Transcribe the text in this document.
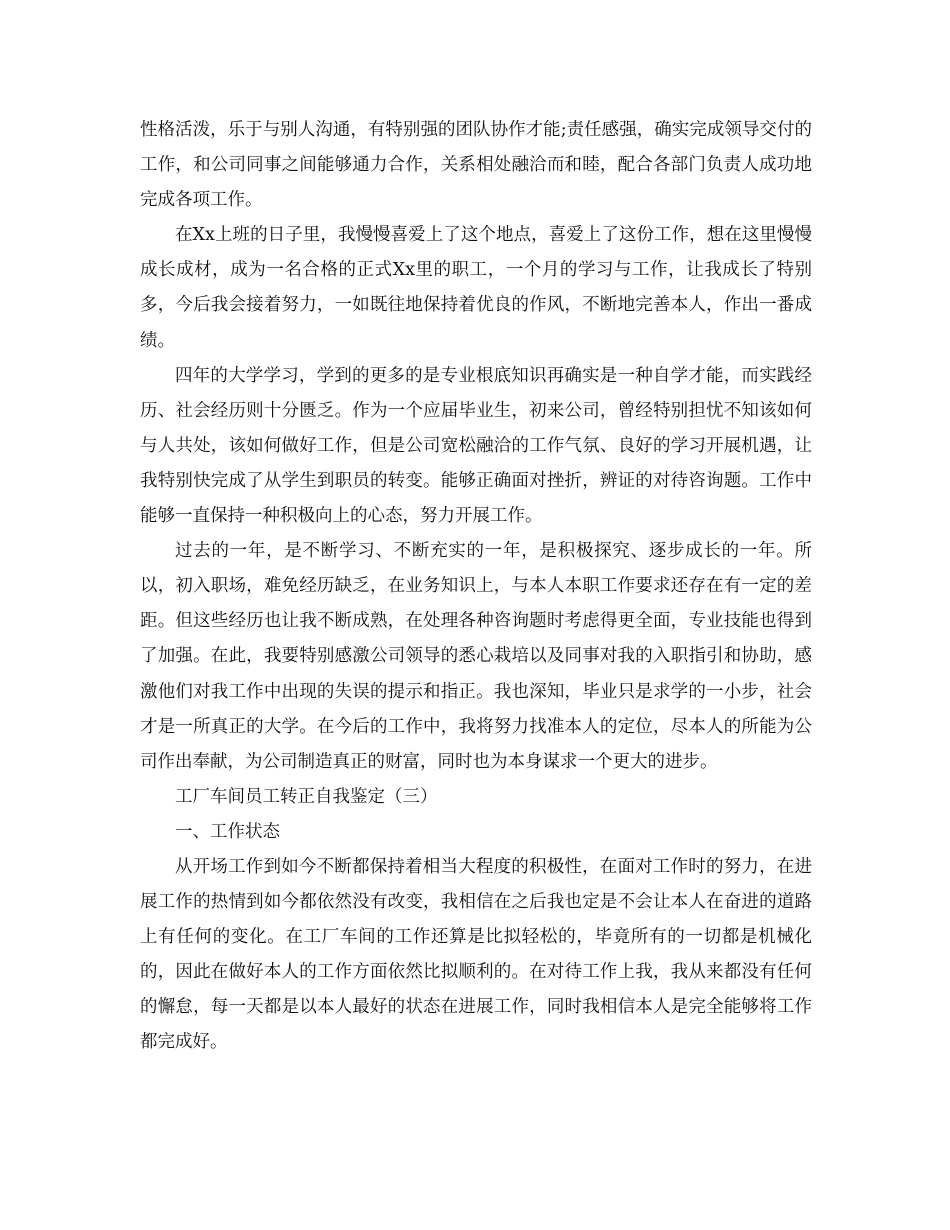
性格活泼，乐于与别人沟通，有特别强的团队协作才能;责任感强，确实完成领导交付的工作，和公司同事之间能够通力合作，关系相处融洽而和睦，配合各部门负责人成功地完成各项工作。

在Xx上班的日子里，我慢慢喜爱上了这个地点，喜爱上了这份工作，想在这里慢慢成长成材，成为一名合格的正式Xx里的职工，一个月的学习与工作，让我成长了特别多，今后我会接着努力，一如既往地保持着优良的作风，不断地完善本人，作出一番成绩。

四年的大学学习，学到的更多的是专业根底知识再确实是一种自学才能，而实践经历、社会经历则十分匮乏。作为一个应届毕业生，初来公司，曾经特别担忧不知该如何与人共处，该如何做好工作，但是公司宽松融洽的工作气氛、良好的学习开展机遇，让我特别快完成了从学生到职员的转变。能够正确面对挫折，辨证的对待咨询题。工作中能够一直保持一种积极向上的心态，努力开展工作。

过去的一年，是不断学习、不断充实的一年，是积极探究、逐步成长的一年。所以，初入职场，难免经历缺乏，在业务知识上，与本人本职工作要求还存在有一定的差距。但这些经历也让我不断成熟，在处理各种咨询题时考虑得更全面，专业技能也得到了加强。在此，我要特别感激公司领导的悉心栽培以及同事对我的入职指引和协助，感激他们对我工作中出现的失误的提示和指正。我也深知，毕业只是求学的一小步，社会才是一所真正的大学。在今后的工作中，我将努力找准本人的定位，尽本人的所能为公司作出奉献，为公司制造真正的财富，同时也为本身谋求一个更大的进步。

工厂车间员工转正自我鉴定（三）

一、工作状态

从开场工作到如今不断都保持着相当大程度的积极性，在面对工作时的努力，在进展工作的热情到如今都依然没有改变，我相信在之后我也定是不会让本人在奋进的道路上有任何的变化。在工厂车间的工作还算是比拟轻松的，毕竟所有的一切都是机械化的，因此在做好本人的工作方面依然比拟顺利的。在对待工作上我，我从来都没有任何的懈怠，每一天都是以本人最好的状态在进展工作，同时我相信本人是完全能够将工作都完成好。
